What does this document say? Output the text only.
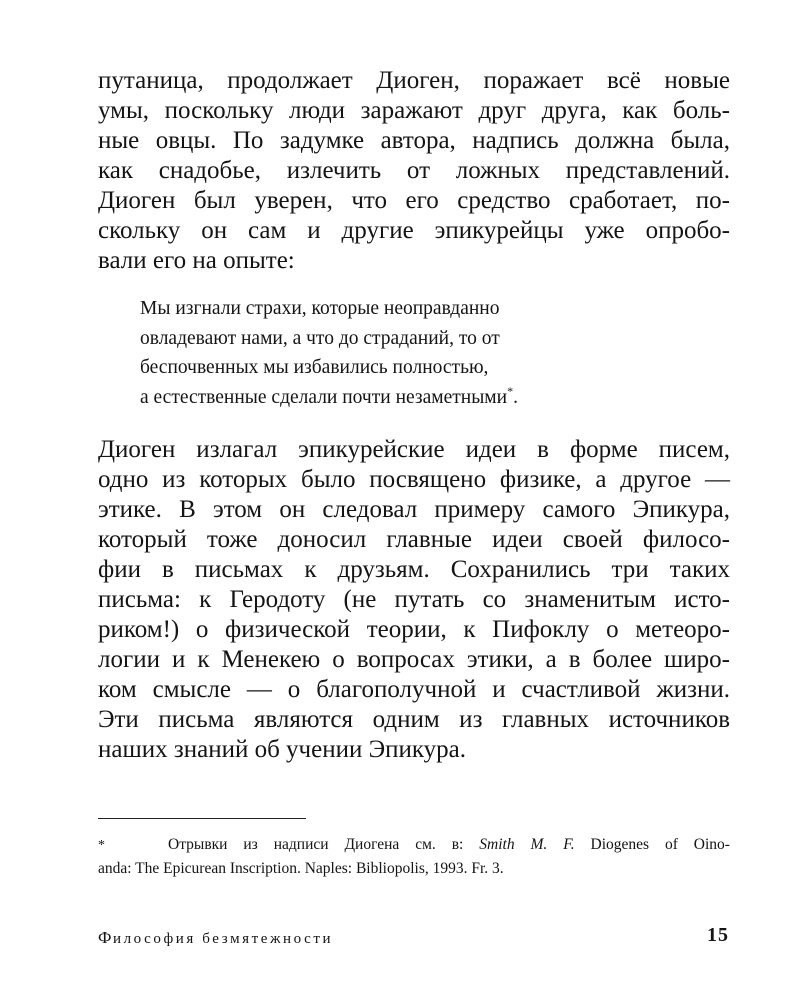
путаница, продолжает Диоген, поражает всё новые
умы, поскольку люди заражают друг друга, как боль-
ные овцы. По задумке автора, надпись должна была,
как снадобье, излечить от ложных представлений.
Диоген был уверен, что его средство сработает, по-
скольку он сам и другие эпикурейцы уже опробо-
вали его на опыте:
Мы изгнали страхи, которые неоправданно
овладевают нами, а что до страданий, то от
беспочвенных мы избавились полностью,
а естественные сделали почти незаметными*.
Диоген излагал эпикурейские идеи в форме писем,
одно из которых было посвящено физике, а другое —
этике. В этом он следовал примеру самого Эпикура,
который тоже доносил главные идеи своей филосо-
фии в письмах к друзьям. Сохранились три таких
письма: к Геродоту (не путать со знаменитым исто-
риком!) о физической теории, к Пифоклу о метеоро-
логии и к Менекею о вопросах этики, а в более широ-
ком смысле — о благополучной и счастливой жизни.
Эти письма являются одним из главных источников
наших знаний об учении Эпикура.
*	Отрывки из надписи Диогена см. в: Smith M. F. Diogenes of Oino-
anda: The Epicurean Inscription. Naples: Bibliopolis, 1993. Fr. 3.
Философия безмятежности	15
